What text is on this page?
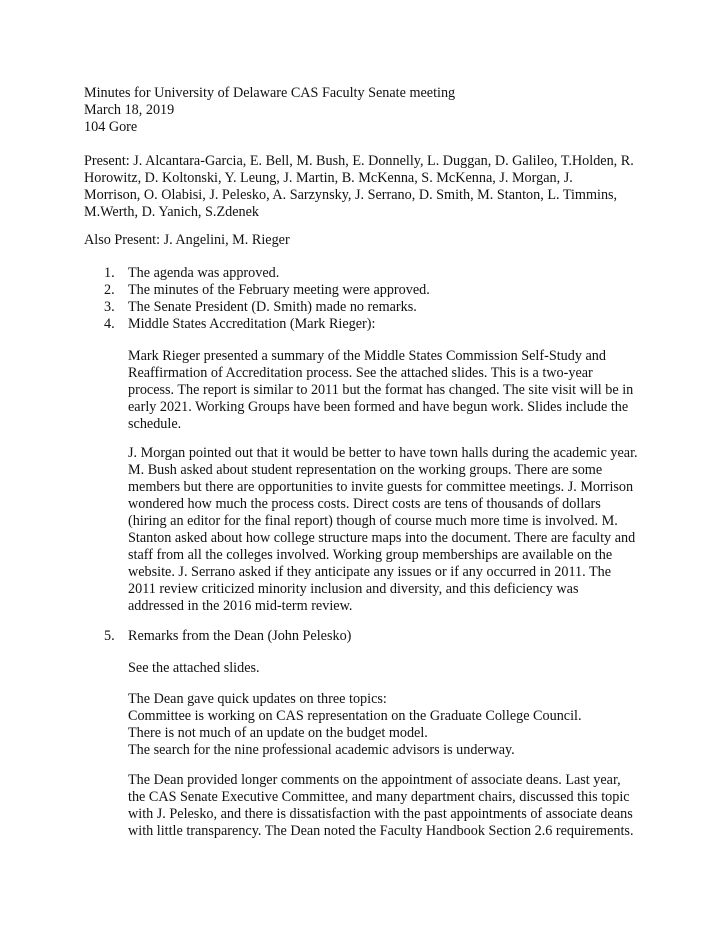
Minutes for University of Delaware CAS Faculty Senate meeting
March 18, 2019
104 Gore
Present: J. Alcantara-Garcia, E. Bell, M. Bush, E. Donnelly, L. Duggan, D. Galileo, T.Holden, R.
Horowitz, D. Koltonski, Y. Leung, J. Martin, B. McKenna, S. McKenna, J. Morgan, J.
Morrison, O. Olabisi, J. Pelesko, A. Sarzynsky, J. Serrano, D. Smith, M. Stanton, L. Timmins,
M.Werth, D. Yanich, S.Zdenek
Also Present: J. Angelini, M. Rieger
1. The agenda was approved.
2. The minutes of the February meeting were approved.
3. The Senate President (D. Smith) made no remarks.
4. Middle States Accreditation (Mark Rieger):
Mark Rieger presented a summary of the Middle States Commission Self-Study and
Reaffirmation of Accreditation process. See the attached slides. This is a two-year
process. The report is similar to 2011 but the format has changed. The site visit will be in
early 2021. Working Groups have been formed and have begun work. Slides include the
schedule.
J. Morgan pointed out that it would be better to have town halls during the academic year.
M. Bush asked about student representation on the working groups. There are some
members but there are opportunities to invite guests for committee meetings. J. Morrison
wondered how much the process costs. Direct costs are tens of thousands of dollars
(hiring an editor for the final report) though of course much more time is involved. M.
Stanton asked about how college structure maps into the document. There are faculty and
staff from all the colleges involved. Working group memberships are available on the
website. J. Serrano asked if they anticipate any issues or if any occurred in 2011. The
2011 review criticized minority inclusion and diversity, and this deficiency was
addressed in the 2016 mid-term review.
5. Remarks from the Dean (John Pelesko)
See the attached slides.
The Dean gave quick updates on three topics:
Committee is working on CAS representation on the Graduate College Council.
There is not much of an update on the budget model.
The search for the nine professional academic advisors is underway.
The Dean provided longer comments on the appointment of associate deans. Last year,
the CAS Senate Executive Committee, and many department chairs, discussed this topic
with J. Pelesko, and there is dissatisfaction with the past appointments of associate deans
with little transparency. The Dean noted the Faculty Handbook Section 2.6 requirements.
